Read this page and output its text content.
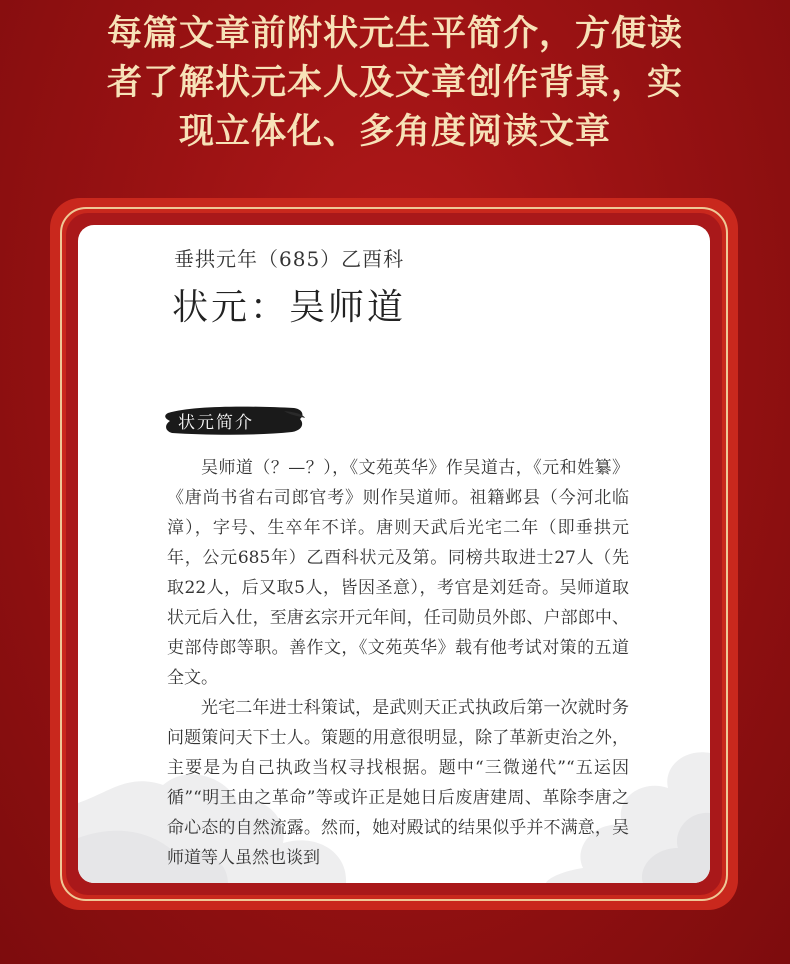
每篇文章前附状元生平简介，方便读
者了解状元本人及文章创作背景，实
现立体化、多角度阅读文章
垂拱元年（685）乙酉科
状元：吴师道
状元简介

吴师道（？—？），《文苑英华》作吴道古，《元和姓纂》《唐尚书省右司郎官考》则作吴道师。祖籍邺县（今河北临漳），字号、生卒年不详。唐则天武后光宅二年（即垂拱元年，公元685年）乙酉科状元及第。同榜共取进士27人（先取22人，后又取5人，皆因圣意），考官是刘廷奇。吴师道取状元后入仕，至唐玄宗开元年间，任司勋员外郎、户部郎中、吏部侍郎等职。善作文，《文苑英华》载有他考试对策的五道全文。

光宅二年进士科策试，是武则天正式执政后第一次就时务问题策问天下士人。策题的用意很明显，除了革新吏治之外，主要是为自己执政当权寻找根据。题中“三微递代”“五运因循”“明王由之革命”等或许正是她日后废唐建周、革除李唐之命心态的自然流露。然而，她对殿试的结果似乎并不满意，吴师道等人虽然也谈到
